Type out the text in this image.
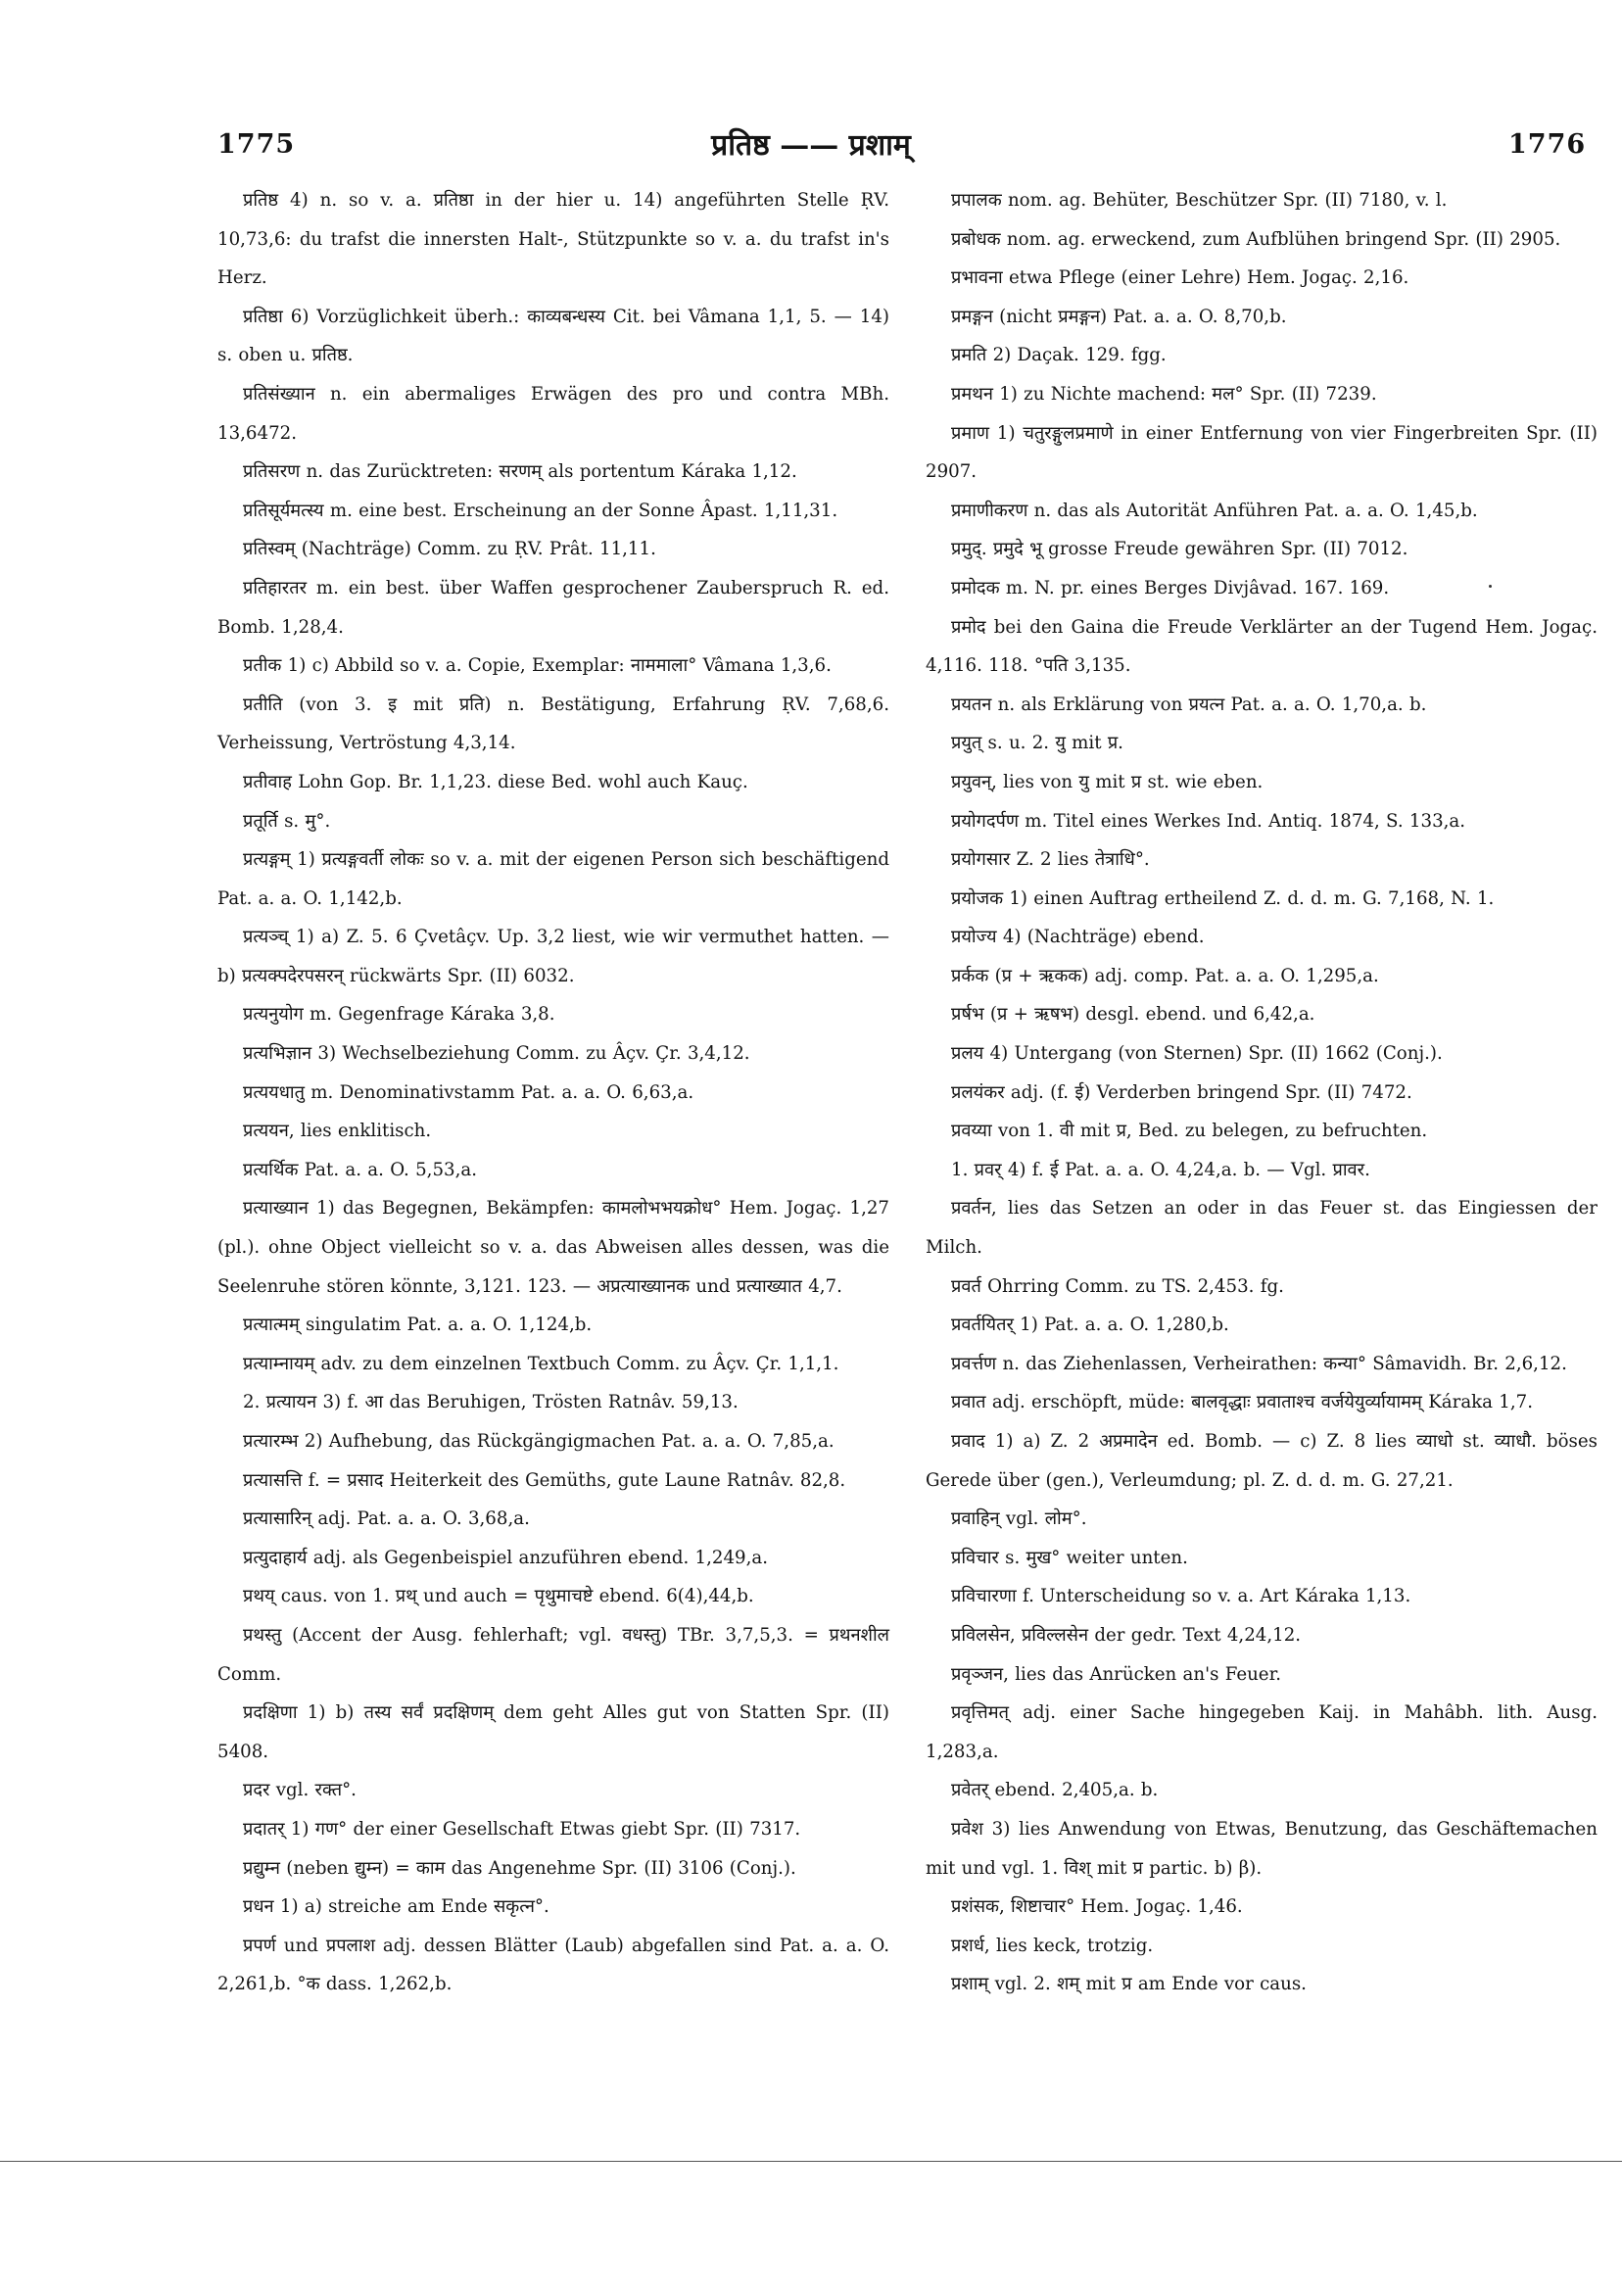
1775	प्रतिष्ठ —— प्रशाम्	1776

प्रतिष्ठ 4) n. so v. a. प्रतिष्ठा in der hier u. 14) angeführten Stelle ṚV. 10,73,6: du trafst die innersten Halt-, Stützpunkte so v. a. du trafst in's Herz.

प्रतिष्ठा 6) Vorzüglichkeit überh.: काव्यबन्धस्य Cit. bei Vâmana 1,1, 5. — 14) s. oben u. प्रतिष्ठ.

प्रतिसंख्यान n. ein abermaliges Erwägen des pro und contra MBh. 13,6472.

प्रतिसरण n. das Zurücktreten: सरणम् als portentum Káraka 1,12.

प्रतिसूर्यमत्स्य m. eine best. Erscheinung an der Sonne Âpast. 1,11,31.

प्रतिस्वम् (Nachträge) Comm. zu ṚV. Prât. 11,11.

प्रतिहारतर m. ein best. über Waffen gesprochener Zauberspruch R. ed. Bomb. 1,28,4.

प्रतीक 1) c) Abbild so v. a. Copie, Exemplar: नाममाला° Vâmana 1,3,6.

प्रतीति (von 3. इ mit प्रति) n. Bestätigung, Erfahrung ṚV. 7,68,6. Verheissung, Vertröstung 4,3,14.

प्रतीवाह Lohn Gop. Br. 1,1,23. diese Bed. wohl auch Kauç.

प्रतूर्ति s. मु°.

प्रत्यङ्गम् 1) प्रत्यङ्गवर्ती लोकः so v. a. mit der eigenen Person sich beschäftigend Pat. a. a. O. 1,142,b.

प्रत्यञ्च् 1) a) Z. 5. 6 Çvetâçv. Up. 3,2 liest, wie wir vermuthet hatten. — b) प्रत्यक्पदेरपसरन् rückwärts Spr. (II) 6032.

प्रत्यनुयोग m. Gegenfrage Káraka 3,8.

प्रत्यभिज्ञान 3) Wechselbeziehung Comm. zu Âçv. Çr. 3,4,12.

प्रत्ययधातु m. Denominativstamm Pat. a. a. O. 6,63,a.

प्रत्ययन, lies enklitisch.

प्रत्यर्थिक Pat. a. a. O. 5,53,a.

प्रत्याख्यान 1) das Begegnen, Bekämpfen: कामलोभभयक्रोध° Hem. Jogaç. 1,27 (pl.). ohne Object vielleicht so v. a. das Abweisen alles dessen, was die Seelenruhe stören könnte, 3,121. 123. — अप्रत्याख्यानक und प्रत्याख्यात 4,7.

प्रत्यात्मम् singulatim Pat. a. a. O. 1,124,b.

प्रत्याम्नायम् adv. zu dem einzelnen Textbuch Comm. zu Âçv. Çr. 1,1,1.

2. प्रत्यायन 3) f. आ das Beruhigen, Trösten Ratnâv. 59,13.

प्रत्यारम्भ 2) Aufhebung, das Rückgängigmachen Pat. a. a. O. 7,85,a.

प्रत्यासत्ति f. = प्रसाद Heiterkeit des Gemüths, gute Laune Ratnâv. 82,8.

प्रत्यासारिन् adj. Pat. a. a. O. 3,68,a.

प्रत्युदाहार्य adj. als Gegenbeispiel anzuführen ebend. 1,249,a.

प्रथय् caus. von 1. प्रथ् und auch = पृथुमाचष्टे ebend. 6(4),44,b.

प्रथस्तु (Accent der Ausg. fehlerhaft; vgl. वधस्तु) TBr. 3,7,5,3. = प्रथनशील Comm.

प्रदक्षिणा 1) b) तस्य सर्वं प्रदक्षिणम् dem geht Alles gut von Statten Spr. (II) 5408.

प्रदर vgl. रक्त°.

प्रदातर् 1) गण° der einer Gesellschaft Etwas giebt Spr. (II) 7317.

प्रद्युम्न (neben द्युम्न) = काम das Angenehme Spr. (II) 3106 (Conj.).

प्रधन 1) a) streiche am Ende सकृत्न°.

प्रपर्ण und प्रपलाश adj. dessen Blätter (Laub) abgefallen sind Pat. a. a. O. 2,261,b. °क dass. 1,262,b.

प्रपालक nom. ag. Behüter, Beschützer Spr. (II) 7180, v. l.

प्रबोधक nom. ag. erweckend, zum Aufblühen bringend Spr. (II) 2905.

प्रभावना etwa Pflege (einer Lehre) Hem. Jogaç. 2,16.

प्रमङ्गन (nicht प्रमङ्गन) Pat. a. a. O. 8,70,b.

प्रमति 2) Daçak. 129. fgg.

प्रमथन 1) zu Nichte machend: मल° Spr. (II) 7239.

प्रमाण 1) चतुरङ्गुलप्रमाणे in einer Entfernung von vier Fingerbreiten Spr. (II) 2907.

प्रमाणीकरण n. das als Autorität Anführen Pat. a. a. O. 1,45,b.

प्रमुद्. प्रमुदे भू grosse Freude gewähren Spr. (II) 7012.

प्रमोदक m. N. pr. eines Berges Divjâvad. 167. 169.

प्रमोद bei den Gaina die Freude Verklärter an der Tugend Hem. Jogaç. 4,116. 118. °पति 3,135.

प्रयतन n. als Erklärung von प्रयत्न Pat. a. a. O. 1,70,a. b.

प्रयुत् s. u. 2. यु mit प्र.

प्रयुवन्, lies von यु mit प्र st. wie eben.

प्रयोगदर्पण m. Titel eines Werkes Ind. Antiq. 1874, S. 133,a.

प्रयोगसार Z. 2 lies तेत्राधि°.

प्रयोजक 1) einen Auftrag ertheilend Z. d. d. m. G. 7,168, N. 1.

प्रयोज्य 4) (Nachträge) ebend.

प्रर्कक (प्र + ऋकक) adj. comp. Pat. a. a. O. 1,295,a.

प्रर्षभ (प्र + ऋषभ) desgl. ebend. und 6,42,a.

प्रलय 4) Untergang (von Sternen) Spr. (II) 1662 (Conj.).

प्रलयंकर adj. (f. ई) Verderben bringend Spr. (II) 7472.

प्रवय्या von 1. वी mit प्र, Bed. zu belegen, zu befruchten.

1. प्रवर् 4) f. ई Pat. a. a. O. 4,24,a. b. — Vgl. प्रावर.

प्रवर्तन, lies das Setzen an oder in das Feuer st. das Eingiessen der Milch.

प्रवर्त Ohrring Comm. zu TS. 2,453. fg.

प्रवर्तयितर् 1) Pat. a. a. O. 1,280,b.

प्रवर्त्तण n. das Ziehenlassen, Verheirathen: कन्या° Sâmavidh. Br. 2,6,12.

प्रवात adj. erschöpft, müde: बालवृद्धाः प्रवाताश्च वर्जयेयुर्व्यायामम् Káraka 1,7.

प्रवाद 1) a) Z. 2 अप्रमादेन ed. Bomb. — c) Z. 8 lies व्याधो st. व्याधौ. böses Gerede über (gen.), Verleumdung; pl. Z. d. d. m. G. 27,21.

प्रवाहिन् vgl. लोम°.

प्रविचार s. मुख° weiter unten.

प्रविचारणा f. Unterscheidung so v. a. Art Káraka 1,13.

प्रविलसेन, प्रविल्लसेन der gedr. Text 4,24,12.

प्रवृञ्जन, lies das Anrücken an's Feuer.

प्रवृत्तिमत् adj. einer Sache hingegeben Kaij. in Mahâbh. lith. Ausg. 1,283,a.

प्रवेतर् ebend. 2,405,a. b.

प्रवेश 3) lies Anwendung von Etwas, Benutzung, das Geschäftemachen mit und vgl. 1. विश् mit प्र partic. b) β).

प्रशंसक, शिष्टाचार° Hem. Jogaç. 1,46.

प्रशर्ध, lies keck, trotzig.

प्रशाम् vgl. 2. शम् mit प्र am Ende vor caus.
